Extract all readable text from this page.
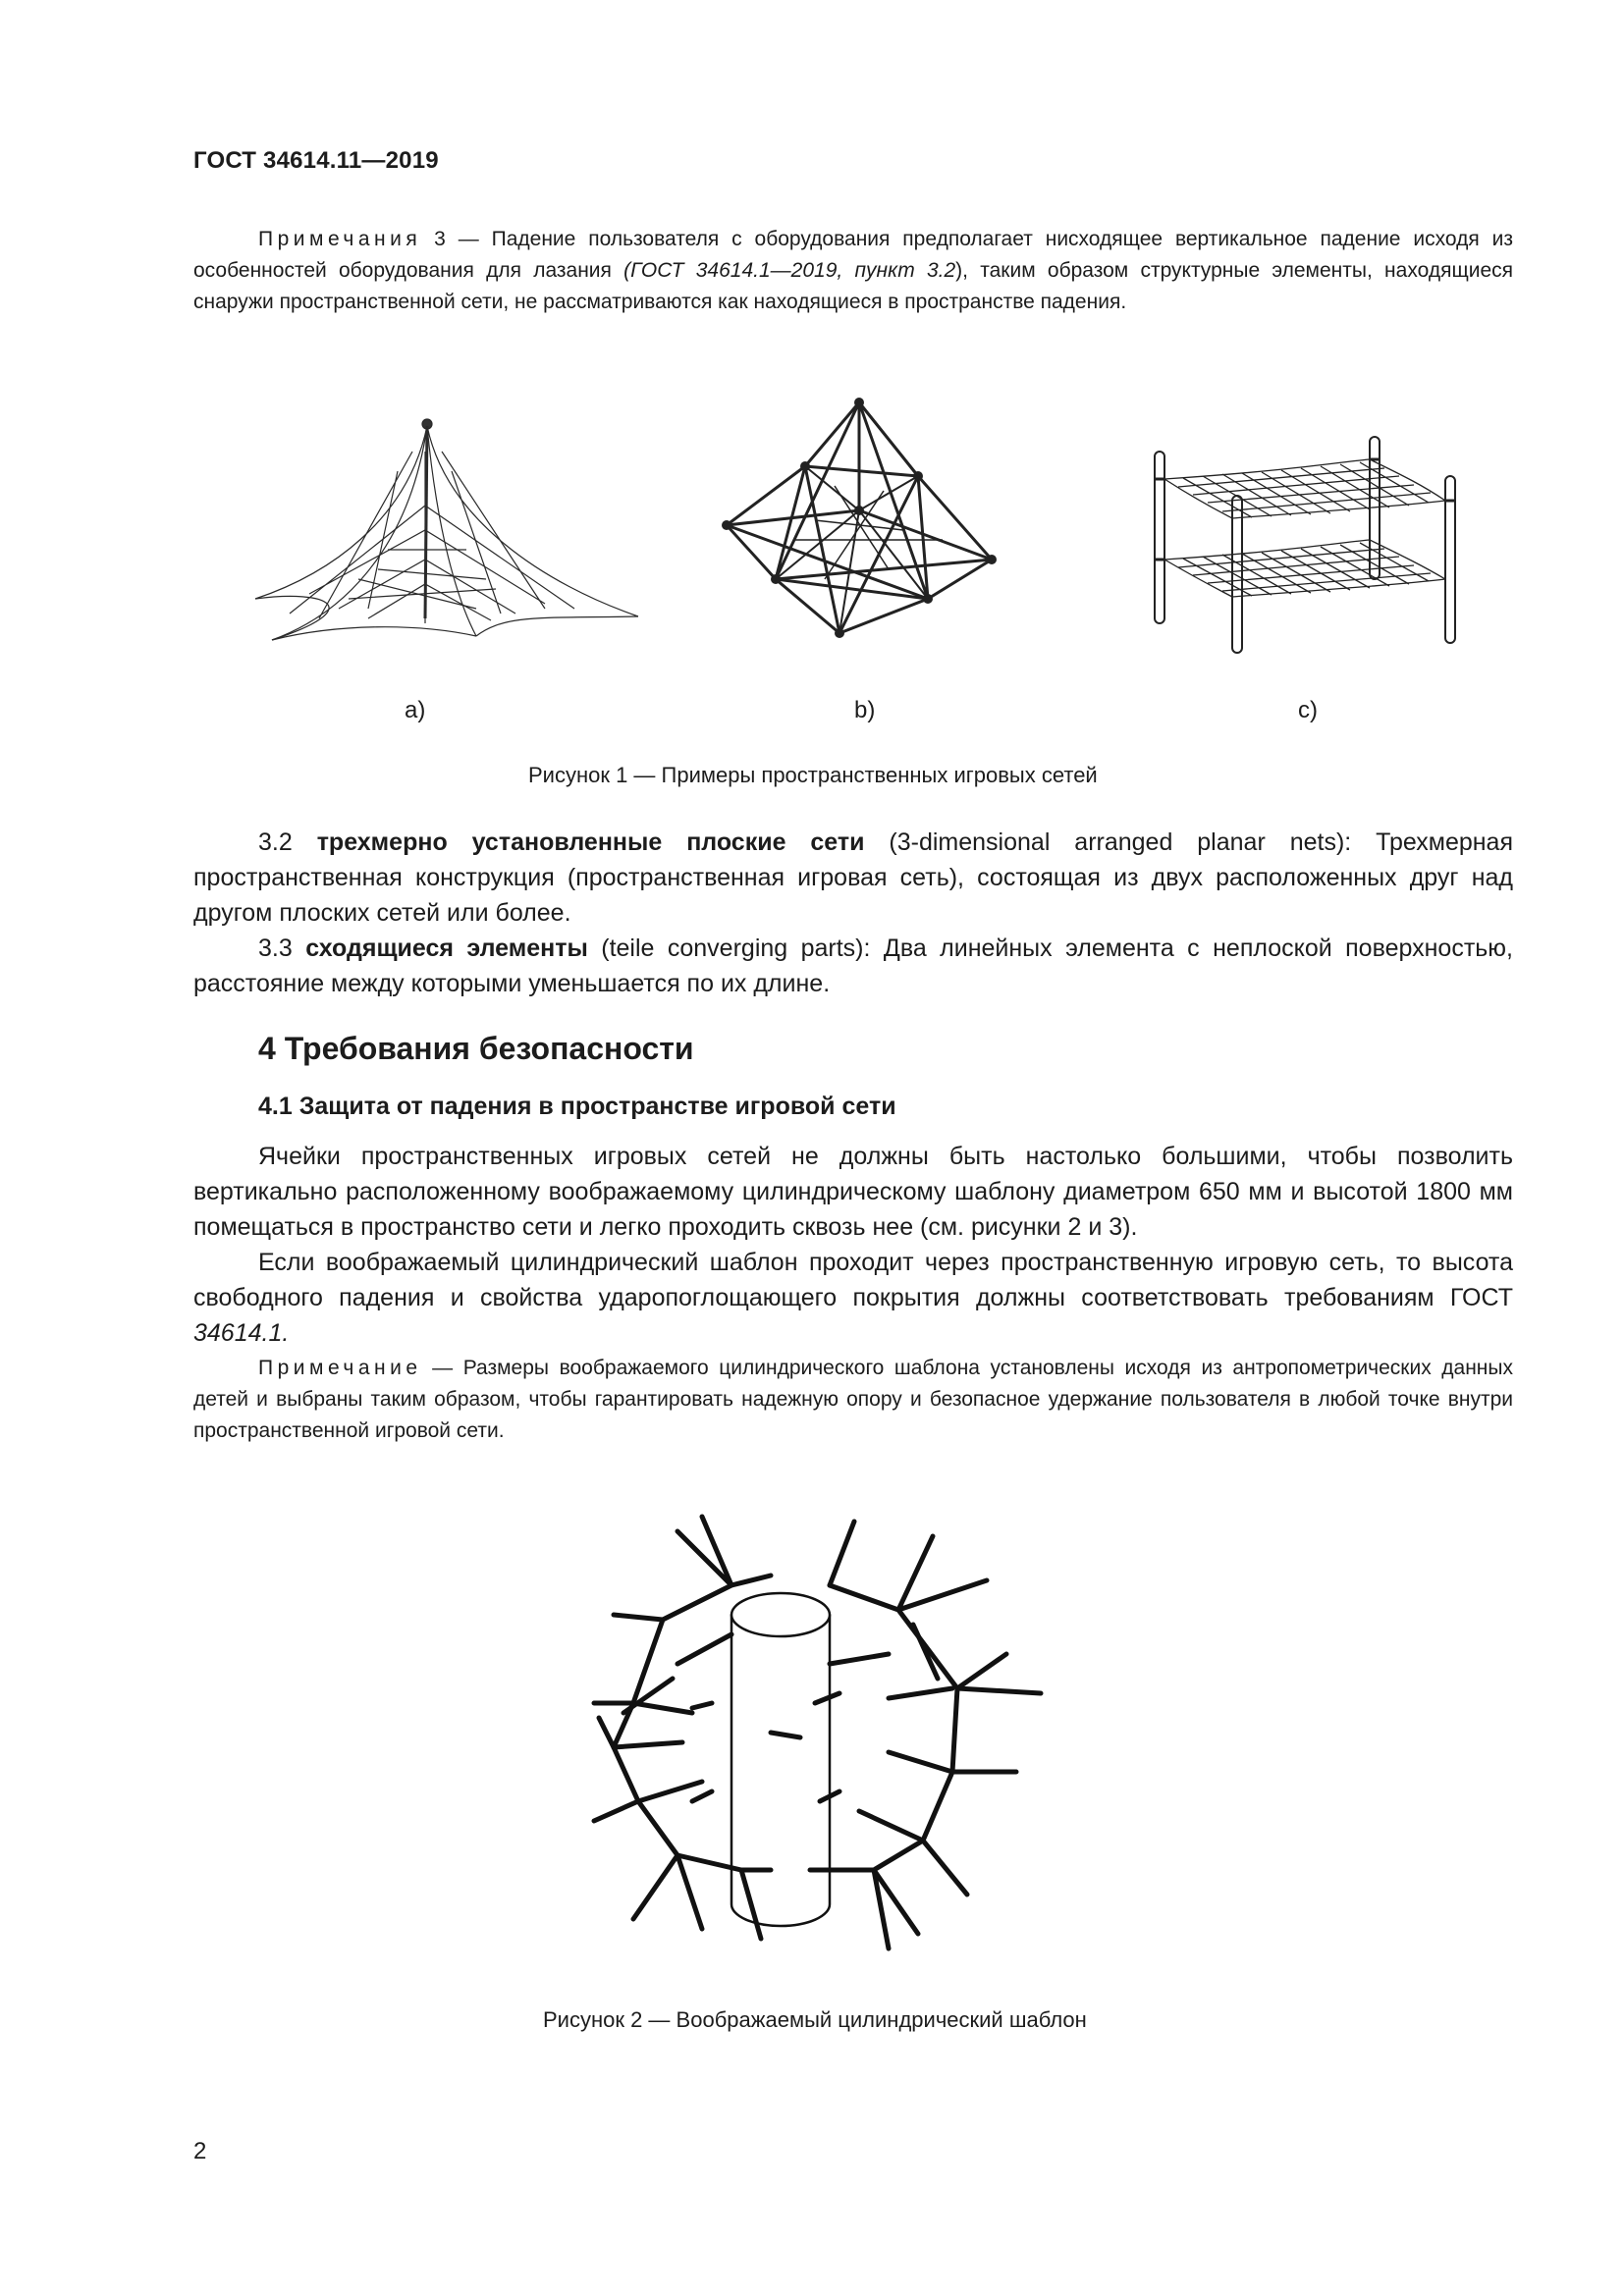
ГОСТ 34614.11—2019
Примечания 3 — Падение пользователя с оборудования предполагает нисходящее вертикальное падение исходя из особенностей оборудования для лазания (ГОСТ 34614.1—2019, пункт 3.2), таким образом структурные элементы, находящиеся снаружи пространственной сети, не рассматриваются как находящиеся в пространстве падения.
a)	b)	c)
Рисунок 1 — Примеры пространственных игровых сетей
3.2 трехмерно установленные плоские сети (3-dimensional arranged planar nets): Трехмерная пространственная конструкция (пространственная игровая сеть), состоящая из двух расположенных друг над другом плоских сетей или более.
3.3 сходящиеся элементы (teile converging parts): Два линейных элемента с неплоской поверхностью, расстояние между которыми уменьшается по их длине.
4 Требования безопасности
4.1 Защита от падения в пространстве игровой сети
Ячейки пространственных игровых сетей не должны быть настолько большими, чтобы позволить вертикально расположенному воображаемому цилиндрическому шаблону диаметром 650 мм и высотой 1800 мм помещаться в пространство сети и легко проходить сквозь нее (см. рисунки 2 и 3).
Если воображаемый цилиндрический шаблон проходит через пространственную игровую сеть, то высота свободного падения и свойства ударопоглощающего покрытия должны соответствовать требованиям ГОСТ 34614.1.
Примечание — Размеры воображаемого цилиндрического шаблона установлены исходя из антропометрических данных детей и выбраны таким образом, чтобы гарантировать надежную опору и безопасное удержание пользователя в любой точке внутри пространственной игровой сети.
Рисунок 2 — Воображаемый цилиндрический шаблон
2
